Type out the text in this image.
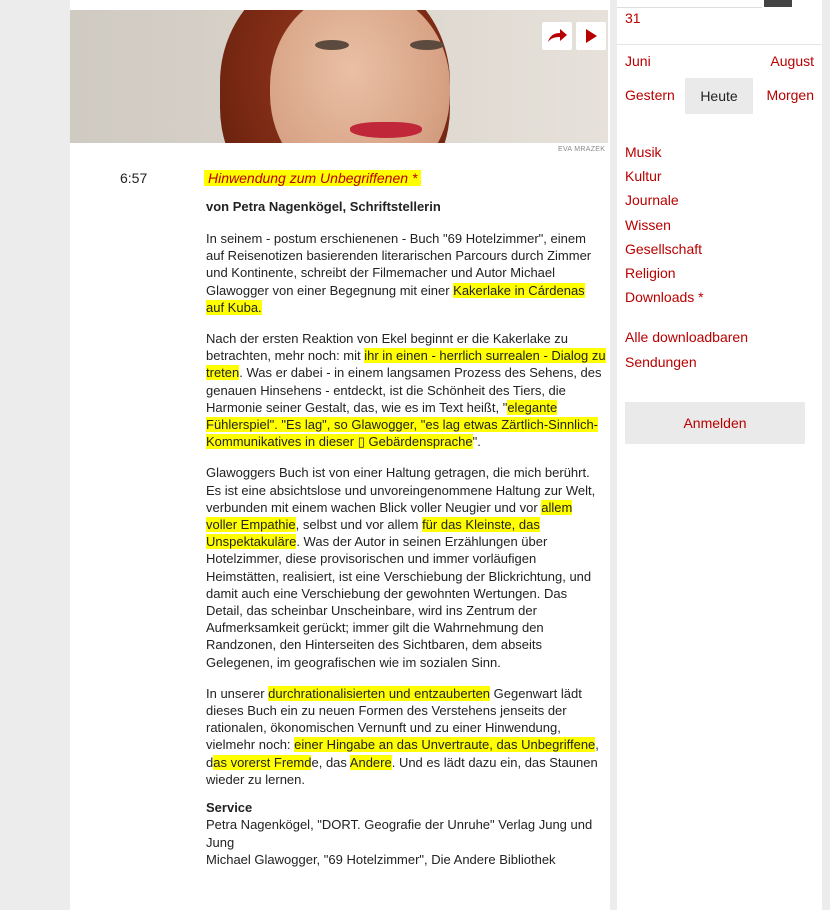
EVA MRAZEK
6:57	Hinwendung zum Unbegriffenen *
von Petra Nagenkögel, Schriftstellerin
In seinem - postum erschienenen - Buch "69 Hotelzimmer", einem auf Reisenotizen basierenden literarischen Parcours durch Zimmer und Kontinente, schreibt der Filmemacher und Autor Michael Glawogger von einer Begegnung mit einer Kakerlake in Cárdenas auf Kuba.
Nach der ersten Reaktion von Ekel beginnt er die Kakerlake zu betrachten, mehr noch: mit ihr in einen - herrlich surrealen - Dialog zu treten. Was er dabei - in einem langsamen Prozess des Sehens, des genauen Hinsehens - entdeckt, ist die Schönheit des Tiers, die Harmonie seiner Gestalt, das, wie es im Text heißt, "elegante Fühlerspiel". "Es lag", so Glawogger, "es lag etwas Zärtlich-Sinnlich-Kommunikatives in dieser ▯ Gebärdensprache".
Glawoggers Buch ist von einer Haltung getragen, die mich berührt. Es ist eine absichtslose und unvoreingenommene Haltung zur Welt, verbunden mit einem wachen Blick voller Neugier und vor allem voller Empathie, selbst und vor allem für das Kleinste, das Unspektakuläre. Was der Autor in seinen Erzählungen über Hotelzimmer, diese provisorischen und immer vorläufigen Heimstätten, realisiert, ist eine Verschiebung der Blickrichtung, und damit auch eine Verschiebung der gewohnten Wertungen. Das Detail, das scheinbar Unscheinbare, wird ins Zentrum der Aufmerksamkeit gerückt; immer gilt die Wahrnehmung den Randzonen, den Hinterseiten des Sichtbaren, dem abseits Gelegenen, im geografischen wie im sozialen Sinn.
In unserer durchrationalisierten und entzauberten Gegenwart lädt dieses Buch ein zu neuen Formen des Verstehens jenseits der rationalen, ökonomischen Vernunft und zu einer Hinwendung, vielmehr noch: einer Hingabe an das Unvertraute, das Unbegriffene, das vorerst Fremde, das Andere. Und es lädt dazu ein, das Staunen wieder zu lernen.
Service
Petra Nagenkögel, "DORT. Geografie der Unruhe" Verlag Jung und Jung
Michael Glawogger, "69 Hotelzimmer", Die Andere Bibliothek
31
Juni	August
Gestern	Heute	Morgen
Musik
Kultur
Journale
Wissen
Gesellschaft
Religion
Downloads *
Alle downloadbaren
Sendungen
Anmelden
